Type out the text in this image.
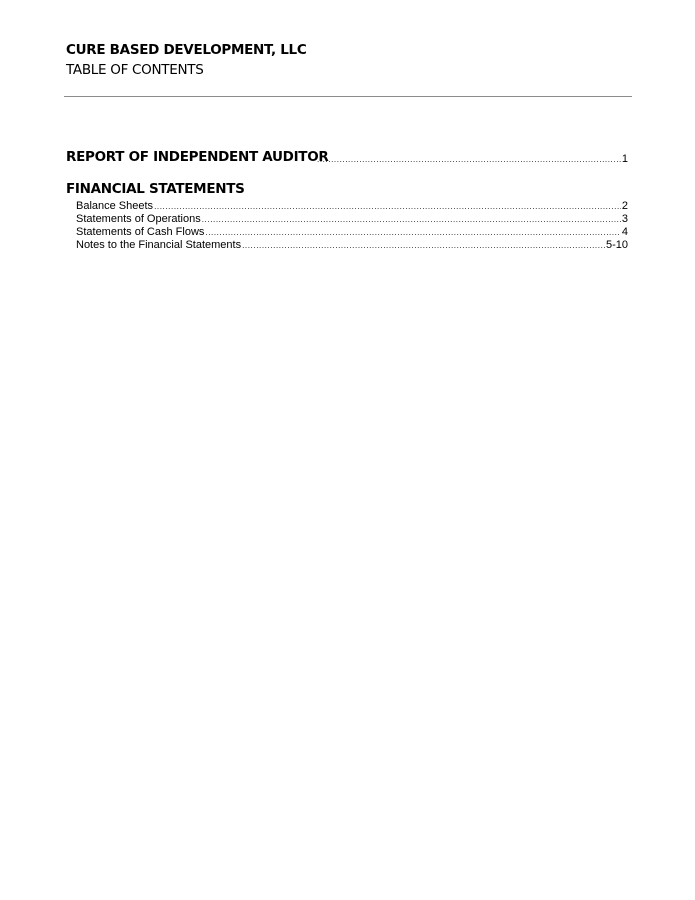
CURE BASED DEVELOPMENT, LLC
TABLE OF CONTENTS
REPORT OF INDEPENDENT AUDITOR .....	1
FINANCIAL STATEMENTS
Balance Sheets .....	2
Statements of Operations .....	3
Statements of Cash Flows .....	4
Notes to the Financial Statements .....	5-10
